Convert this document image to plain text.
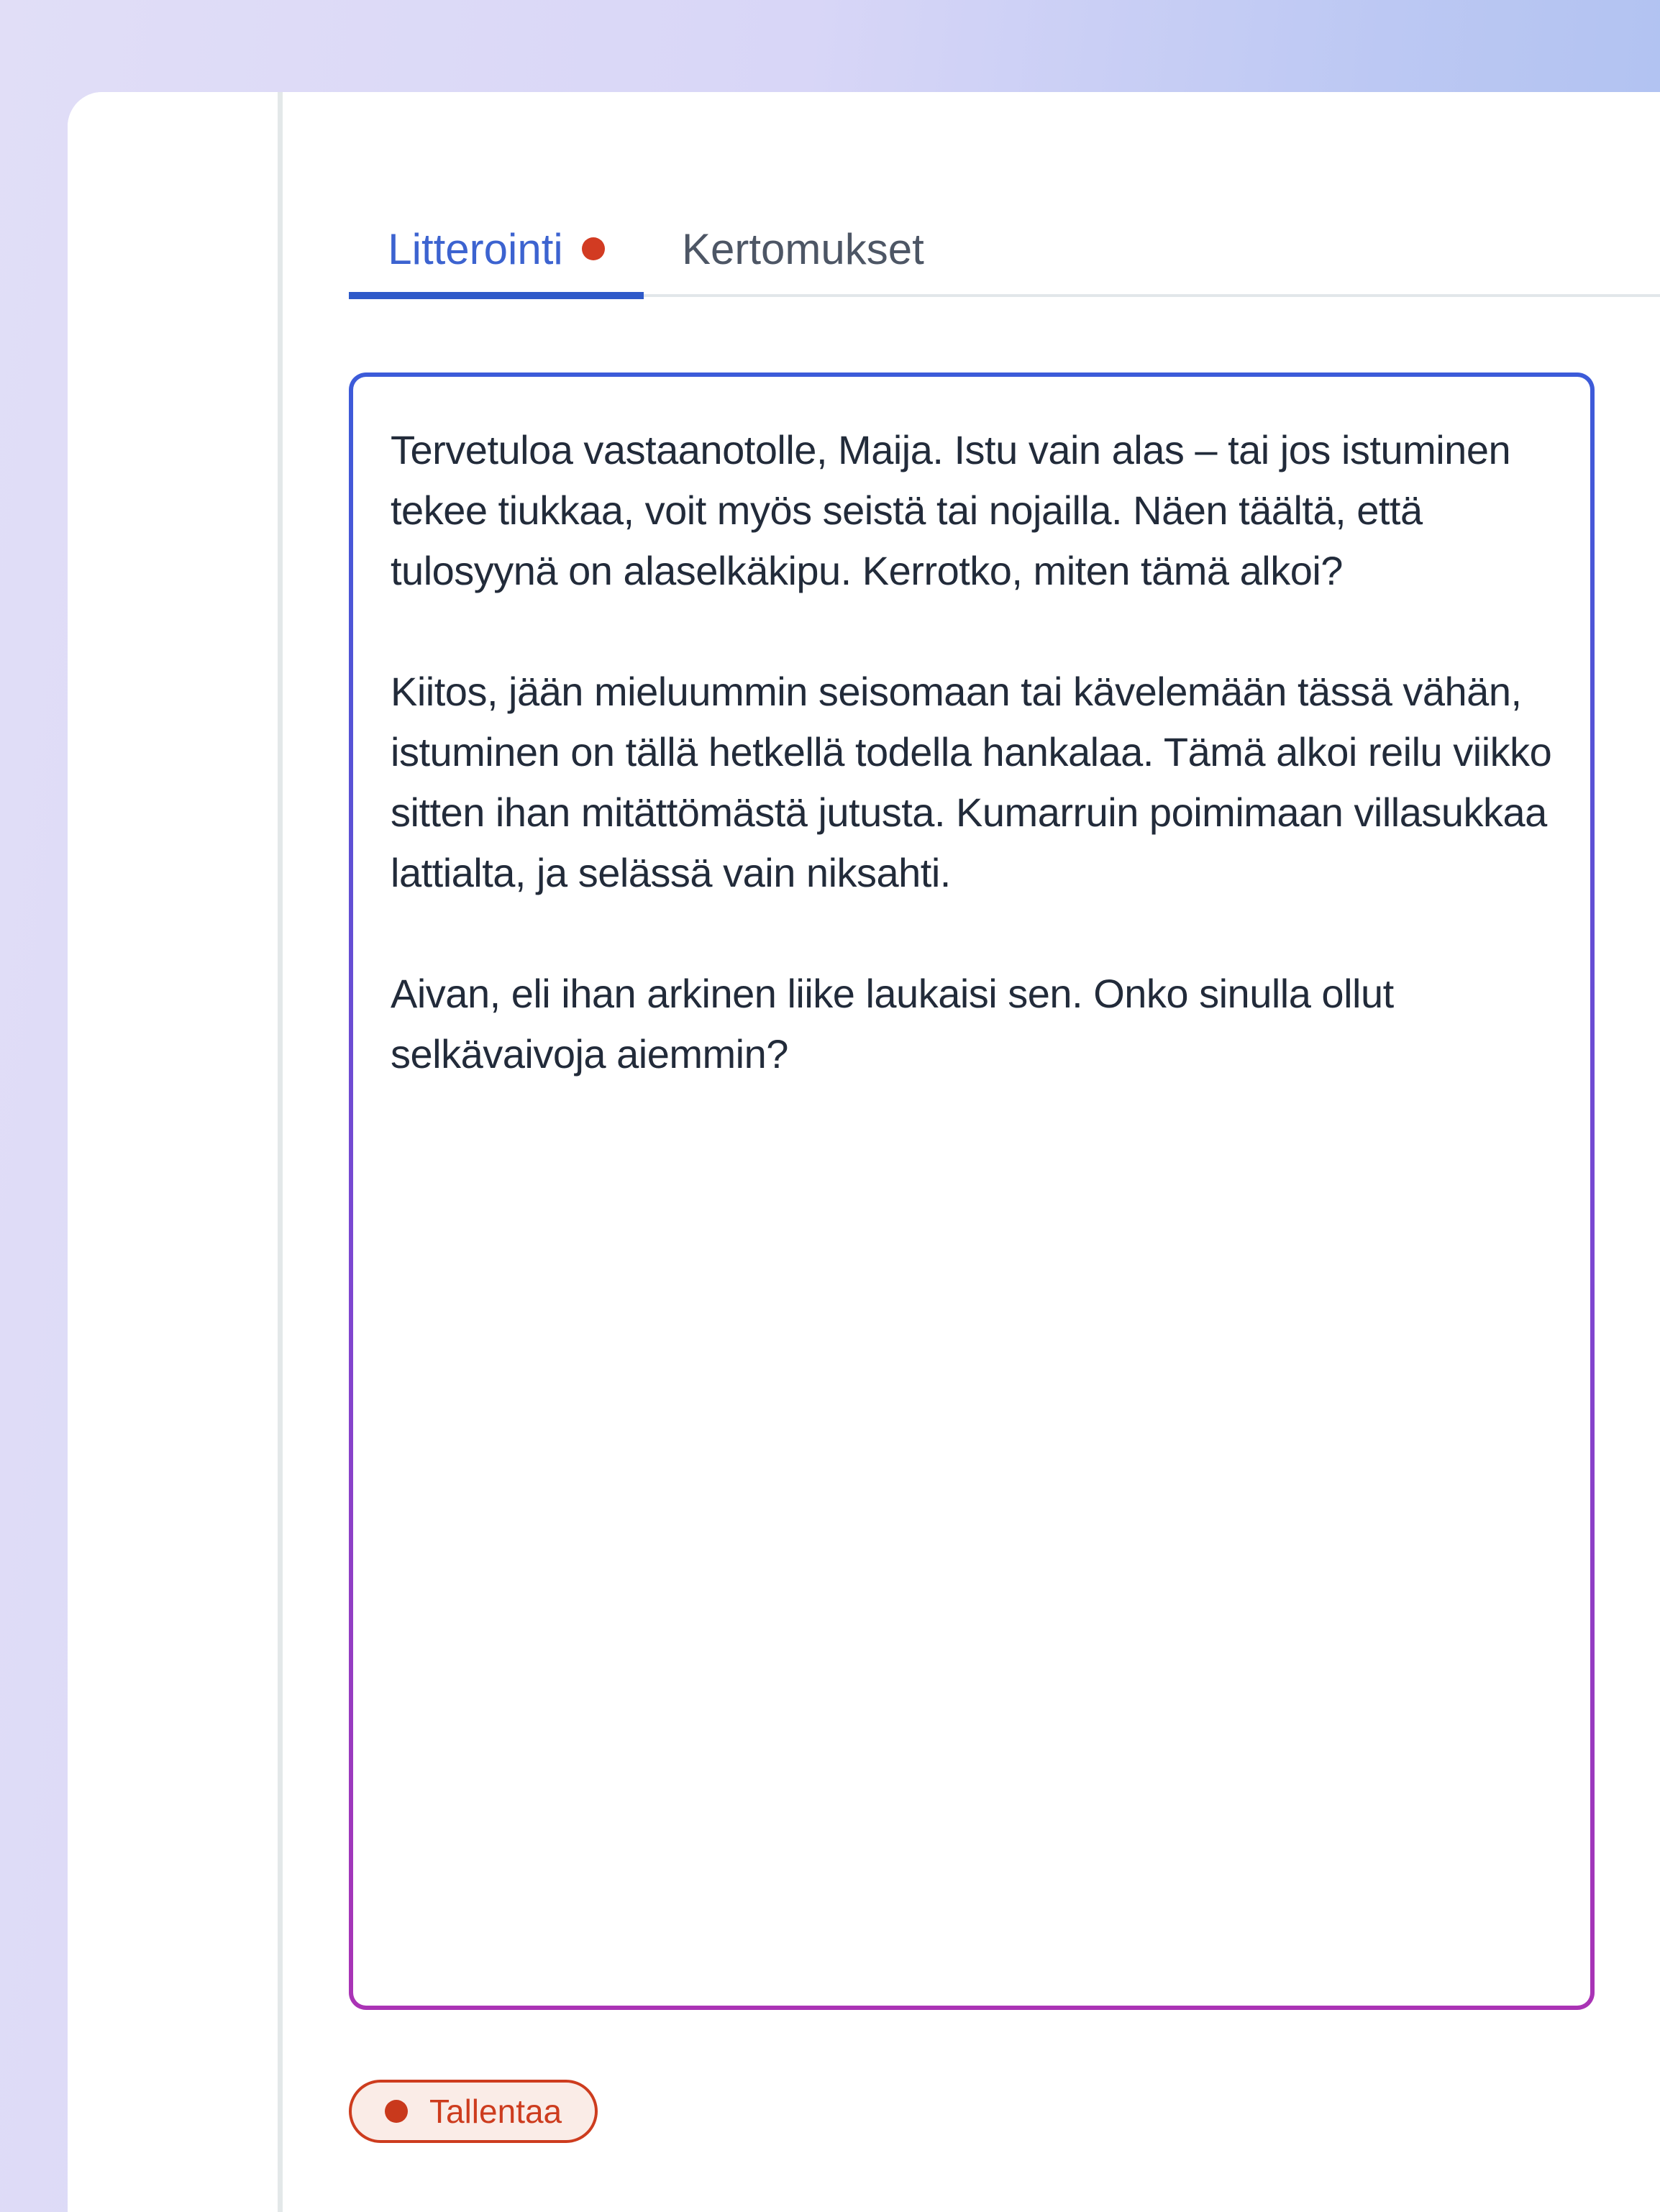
Litterointi	Kertomukset

Tervetuloa vastaanotolle, Maija. Istu vain alas – tai jos istuminen tekee tiukkaa, voit myös seistä tai nojailla. Näen täältä, että tulosyynä on alaselkäkipu. Kerrotko, miten tämä alkoi?

Kiitos, jään mieluummin seisomaan tai kävelemään tässä vähän, istuminen on tällä hetkellä todella hankalaa. Tämä alkoi reilu viikko sitten ihan mitättömästä jutusta. Kumarruin poimimaan villasukkaa lattialta, ja selässä vain niksahti.

Aivan, eli ihan arkinen liike laukaisi sen. Onko sinulla ollut selkävaivoja aiemmin?

Tallentaa
